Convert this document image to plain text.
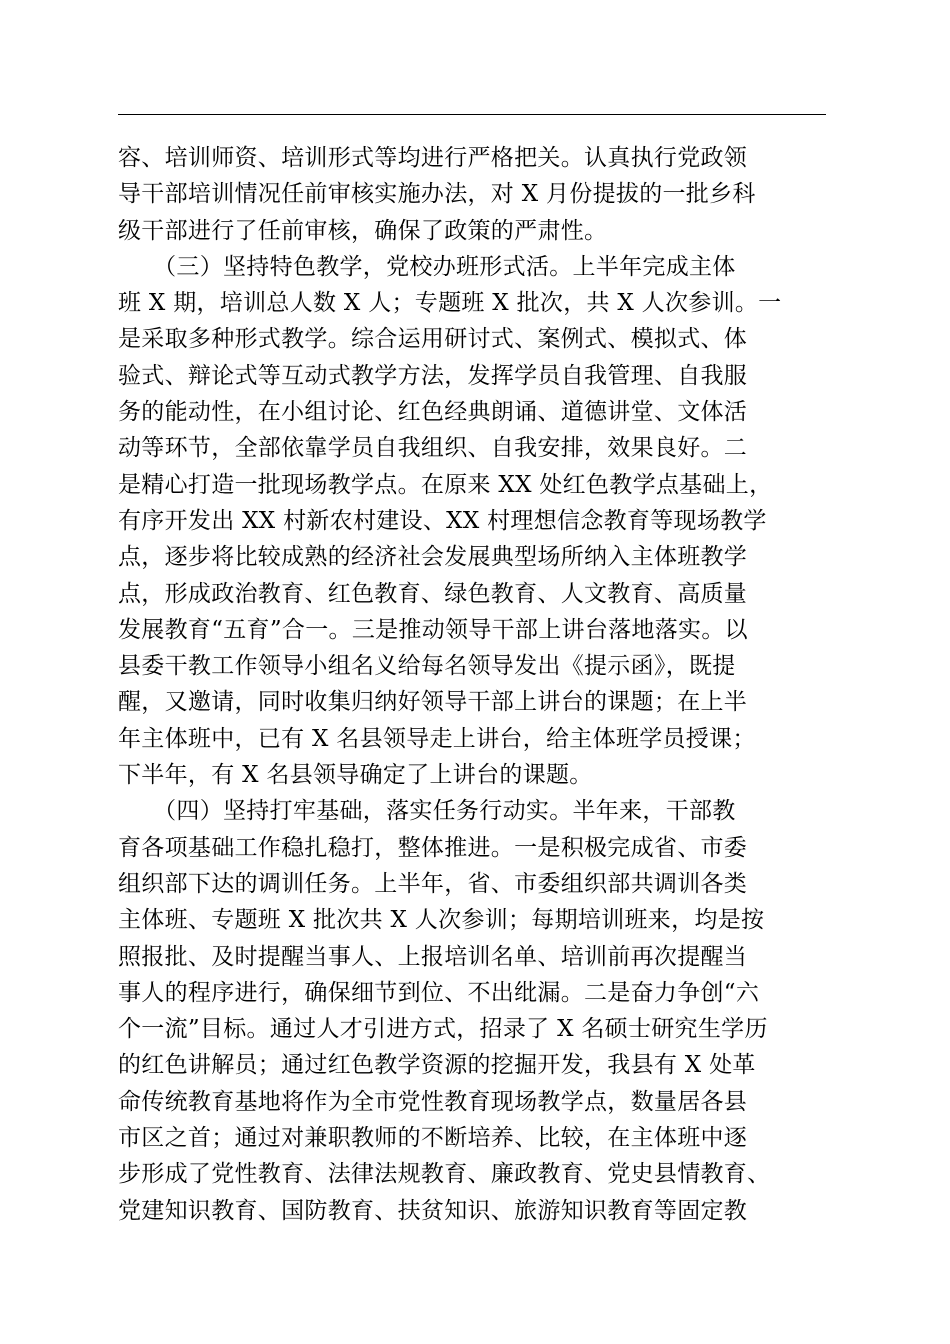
容、培训师资、培训形式等均进行严格把关。认真执行党政领
导干部培训情况任前审核实施办法，对 X 月份提拔的一批乡科
级干部进行了任前审核，确保了政策的严肃性。
　　（三）坚持特色教学，党校办班形式活。上半年完成主体
班 X 期，培训总人数 X 人；专题班 X 批次，共 X 人次参训。一
是采取多种形式教学。综合运用研讨式、案例式、模拟式、体
验式、辩论式等互动式教学方法，发挥学员自我管理、自我服
务的能动性，在小组讨论、红色经典朗诵、道德讲堂、文体活
动等环节，全部依靠学员自我组织、自我安排，效果良好。二
是精心打造一批现场教学点。在原来 XX 处红色教学点基础上，
有序开发出 XX 村新农村建设、XX 村理想信念教育等现场教学
点，逐步将比较成熟的经济社会发展典型场所纳入主体班教学
点，形成政治教育、红色教育、绿色教育、人文教育、高质量
发展教育“五育”合一。三是推动领导干部上讲台落地落实。以
县委干教工作领导小组名义给每名领导发出《提示函》，既提
醒，又邀请，同时收集归纳好领导干部上讲台的课题；在上半
年主体班中，已有 X 名县领导走上讲台，给主体班学员授课；
下半年，有 X 名县领导确定了上讲台的课题。
　　（四）坚持打牢基础，落实任务行动实。半年来，干部教
育各项基础工作稳扎稳打，整体推进。一是积极完成省、市委
组织部下达的调训任务。上半年，省、市委组织部共调训各类
主体班、专题班 X 批次共 X 人次参训；每期培训班来，均是按
照报批、及时提醒当事人、上报培训名单、培训前再次提醒当
事人的程序进行，确保细节到位、不出纰漏。二是奋力争创“六
个一流”目标。通过人才引进方式，招录了 X 名硕士研究生学历
的红色讲解员；通过红色教学资源的挖掘开发，我县有 X 处革
命传统教育基地将作为全市党性教育现场教学点，数量居各县
市区之首；通过对兼职教师的不断培养、比较，在主体班中逐
步形成了党性教育、法律法规教育、廉政教育、党史县情教育、
党建知识教育、国防教育、扶贫知识、旅游知识教育等固定教
